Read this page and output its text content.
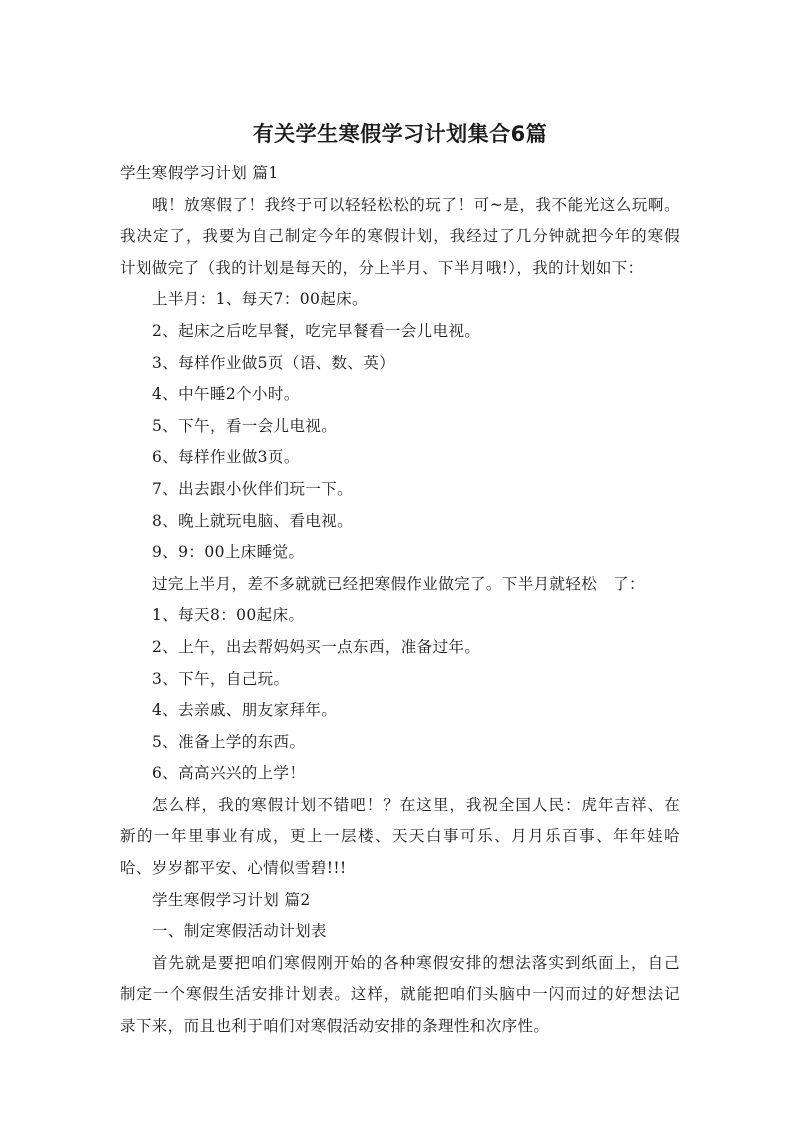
有关学生寒假学习计划集合6篇
学生寒假学习计划 篇1
哦！放寒假了！我终于可以轻轻松松的玩了！可~是，我不能光这么玩啊。
我决定了，我要为自己制定今年的寒假计划，我经过了几分钟就把今年的寒假
计划做完了（我的计划是每天的，分上半月、下半月哦!），我的计划如下：
上半月：1、每天7：00起床。
2、起床之后吃早餐，吃完早餐看一会儿电视。
3、每样作业做5页（语、数、英）
4、中午睡2个小时。
5、下午，看一会儿电视。
6、每样作业做3页。
7、出去跟小伙伴们玩一下。
8、晚上就玩电脑、看电视。
9、9：00上床睡觉。
过完上半月，差不多就就已经把寒假作业做完了。下半月就轻松　了：
1、每天8：00起床。
2、上午，出去帮妈妈买一点东西，准备过年。
3、下午，自己玩。
4、去亲戚、朋友家拜年。
5、准备上学的东西。
6、高高兴兴的上学！
怎么样，我的寒假计划不错吧！？在这里，我祝全国人民：虎年吉祥、在
新的一年里事业有成，更上一层楼、天天白事可乐、月月乐百事、年年娃哈
哈、岁岁都平安、心情似雪碧!!!
学生寒假学习计划 篇2
一、制定寒假活动计划表
首先就是要把咱们寒假刚开始的各种寒假安排的想法落实到纸面上，自己
制定一个寒假生活安排计划表。这样，就能把咱们头脑中一闪而过的好想法记
录下来，而且也利于咱们对寒假活动安排的条理性和次序性。
